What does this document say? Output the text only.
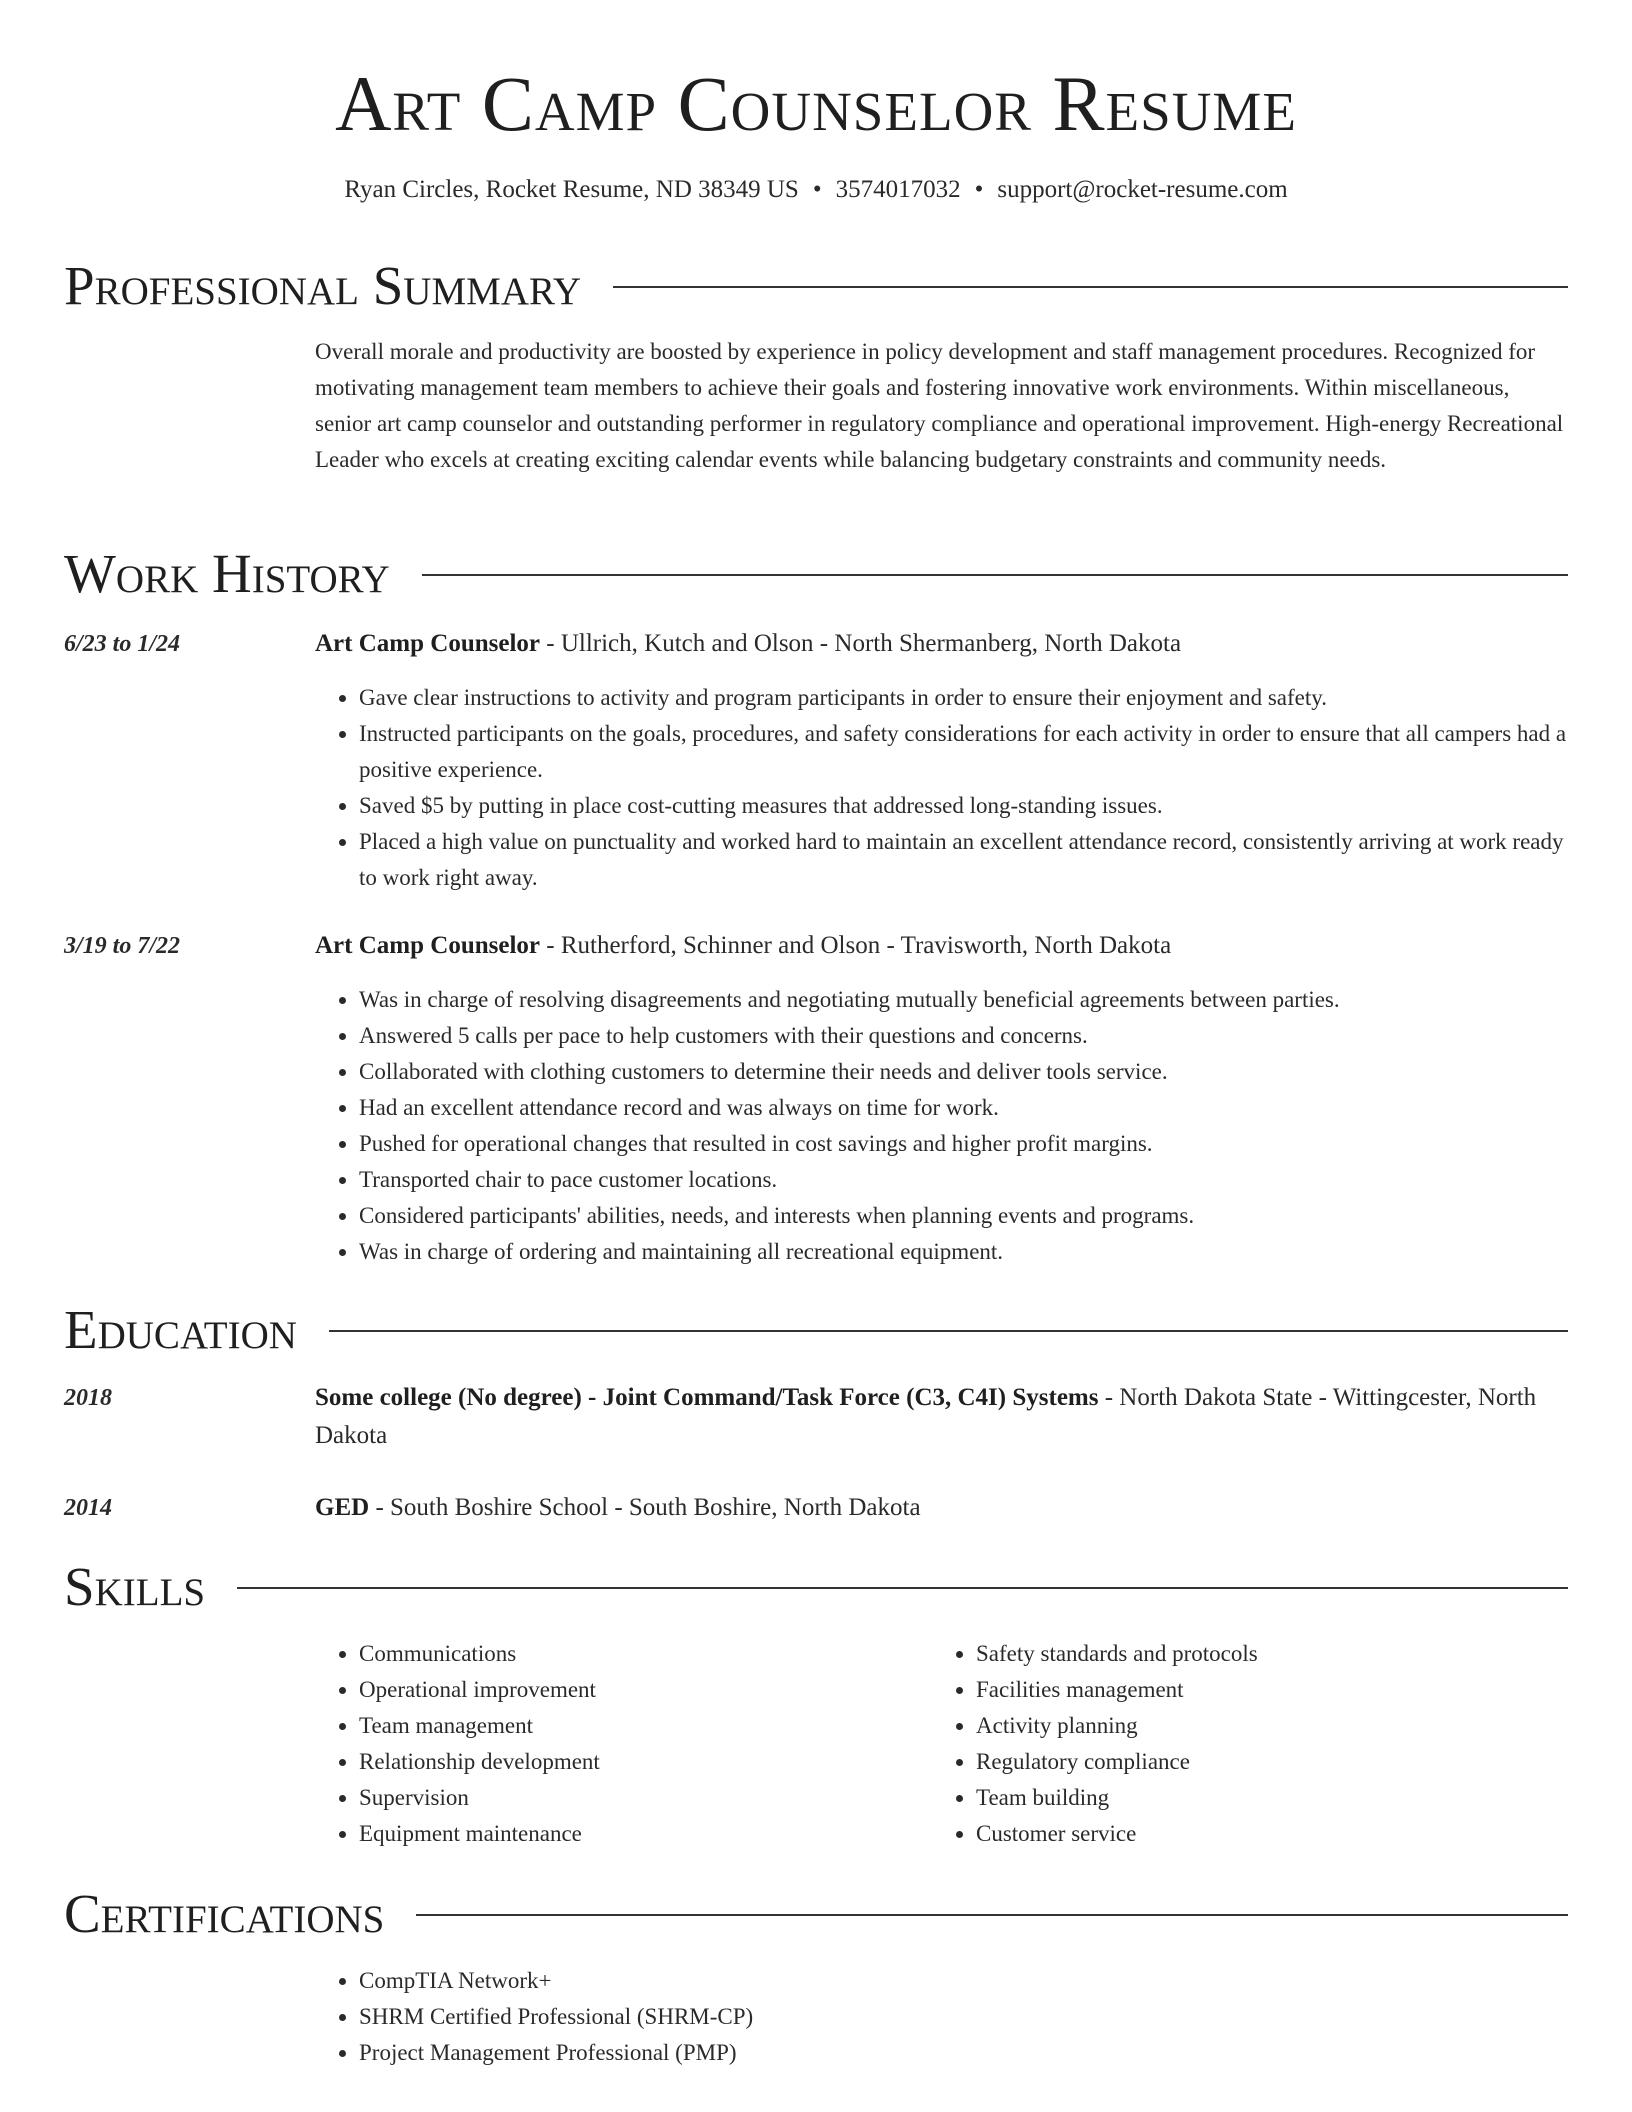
Art Camp Counselor Resume
Ryan Circles, Rocket Resume, ND 38349 US • 3574017032 • support@rocket-resume.com
Professional Summary
Overall morale and productivity are boosted by experience in policy development and staff management procedures. Recognized for motivating management team members to achieve their goals and fostering innovative work environments. Within miscellaneous, senior art camp counselor and outstanding performer in regulatory compliance and operational improvement. High-energy Recreational Leader who excels at creating exciting calendar events while balancing budgetary constraints and community needs.
Work History
6/23 to 1/24	Art Camp Counselor - Ullrich, Kutch and Olson - North Shermanberg, North Dakota
• Gave clear instructions to activity and program participants in order to ensure their enjoyment and safety.
• Instructed participants on the goals, procedures, and safety considerations for each activity in order to ensure that all campers had a positive experience.
• Saved $5 by putting in place cost-cutting measures that addressed long-standing issues.
• Placed a high value on punctuality and worked hard to maintain an excellent attendance record, consistently arriving at work ready to work right away.
3/19 to 7/22	Art Camp Counselor - Rutherford, Schinner and Olson - Travisworth, North Dakota
• Was in charge of resolving disagreements and negotiating mutually beneficial agreements between parties.
• Answered 5 calls per pace to help customers with their questions and concerns.
• Collaborated with clothing customers to determine their needs and deliver tools service.
• Had an excellent attendance record and was always on time for work.
• Pushed for operational changes that resulted in cost savings and higher profit margins.
• Transported chair to pace customer locations.
• Considered participants' abilities, needs, and interests when planning events and programs.
• Was in charge of ordering and maintaining all recreational equipment.
Education
2018	Some college (No degree) - Joint Command/Task Force (C3, C4I) Systems - North Dakota State - Wittingcester, North Dakota
2014	GED - South Boshire School - South Boshire, North Dakota
Skills
• Communications
• Operational improvement
• Team management
• Relationship development
• Supervision
• Equipment maintenance
• Safety standards and protocols
• Facilities management
• Activity planning
• Regulatory compliance
• Team building
• Customer service
Certifications
• CompTIA Network+
• SHRM Certified Professional (SHRM-CP)
• Project Management Professional (PMP)
